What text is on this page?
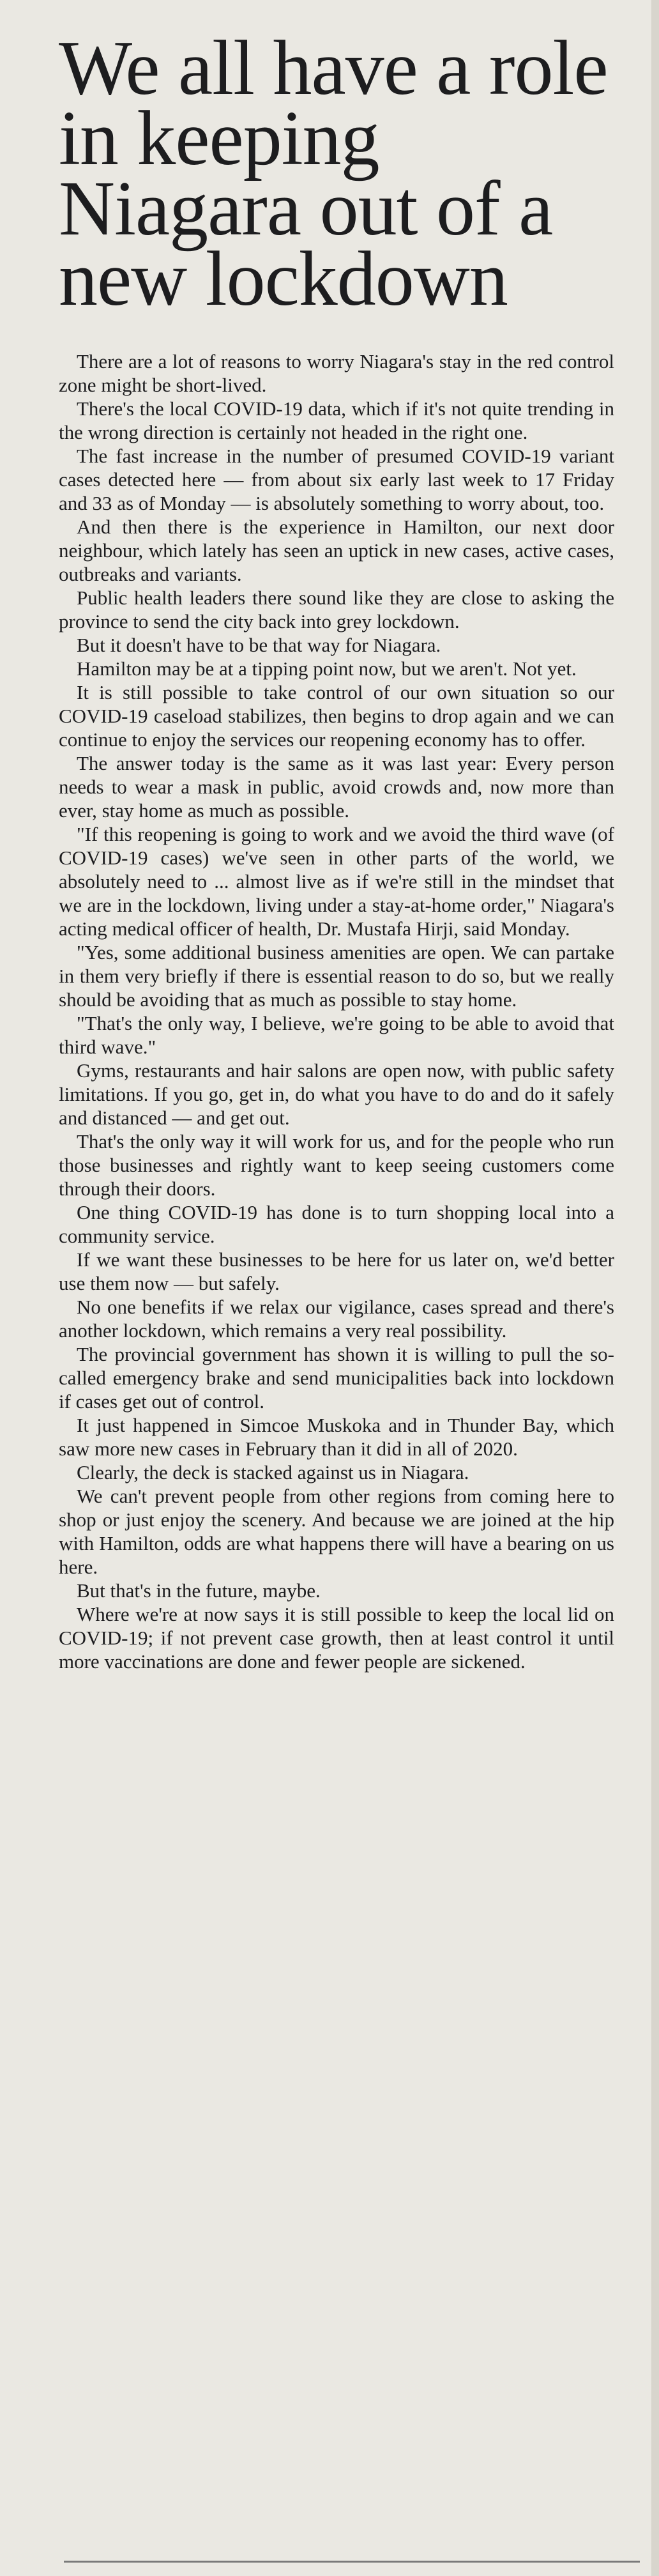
We all have a role in keeping Niagara out of a new lockdown

There are a lot of reasons to worry Niagara's stay in the red control zone might be short-lived.

There's the local COVID-19 data, which if it's not quite trending in the wrong direction is certainly not headed in the right one.

The fast increase in the number of presumed COVID-19 variant cases detected here — from about six early last week to 17 Friday and 33 as of Monday — is absolutely something to worry about, too.

And then there is the experience in Hamilton, our next door neighbour, which lately has seen an uptick in new cases, active cases, outbreaks and variants.

Public health leaders there sound like they are close to asking the province to send the city back into grey lockdown.

But it doesn't have to be that way for Niagara.

Hamilton may be at a tipping point now, but we aren't. Not yet.

It is still possible to take control of our own situation so our COVID-19 caseload stabilizes, then begins to drop again and we can continue to enjoy the services our reopening economy has to offer.

The answer today is the same as it was last year: Every person needs to wear a mask in public, avoid crowds and, now more than ever, stay home as much as possible.

"If this reopening is going to work and we avoid the third wave (of COVID-19 cases) we've seen in other parts of the world, we absolutely need to ... almost live as if we're still in the mindset that we are in the lockdown, living under a stay-at-home order," Niagara's acting medical officer of health, Dr. Mustafa Hirji, said Monday.

"Yes, some additional business amenities are open. We can partake in them very briefly if there is essential reason to do so, but we really should be avoiding that as much as possible to stay home.

"That's the only way, I believe, we're going to be able to avoid that third wave."

Gyms, restaurants and hair salons are open now, with public safety limitations. If you go, get in, do what you have to do and do it safely and distanced — and get out.

That's the only way it will work for us, and for the people who run those businesses and rightly want to keep seeing customers come through their doors.

One thing COVID-19 has done is to turn shopping local into a community service.

If we want these businesses to be here for us later on, we'd better use them now — but safely.

No one benefits if we relax our vigilance, cases spread and there's another lockdown, which remains a very real possibility.

The provincial government has shown it is willing to pull the so-called emergency brake and send municipalities back into lockdown if cases get out of control.

It just happened in Simcoe Muskoka and in Thunder Bay, which saw more new cases in February than it did in all of 2020.

Clearly, the deck is stacked against us in Niagara.

We can't prevent people from other regions from coming here to shop or just enjoy the scenery. And because we are joined at the hip with Hamilton, odds are what happens there will have a bearing on us here.

But that's in the future, maybe.

Where we're at now says it is still possible to keep the local lid on COVID-19; if not prevent case growth, then at least control it until more vaccinations are done and fewer people are sickened.
